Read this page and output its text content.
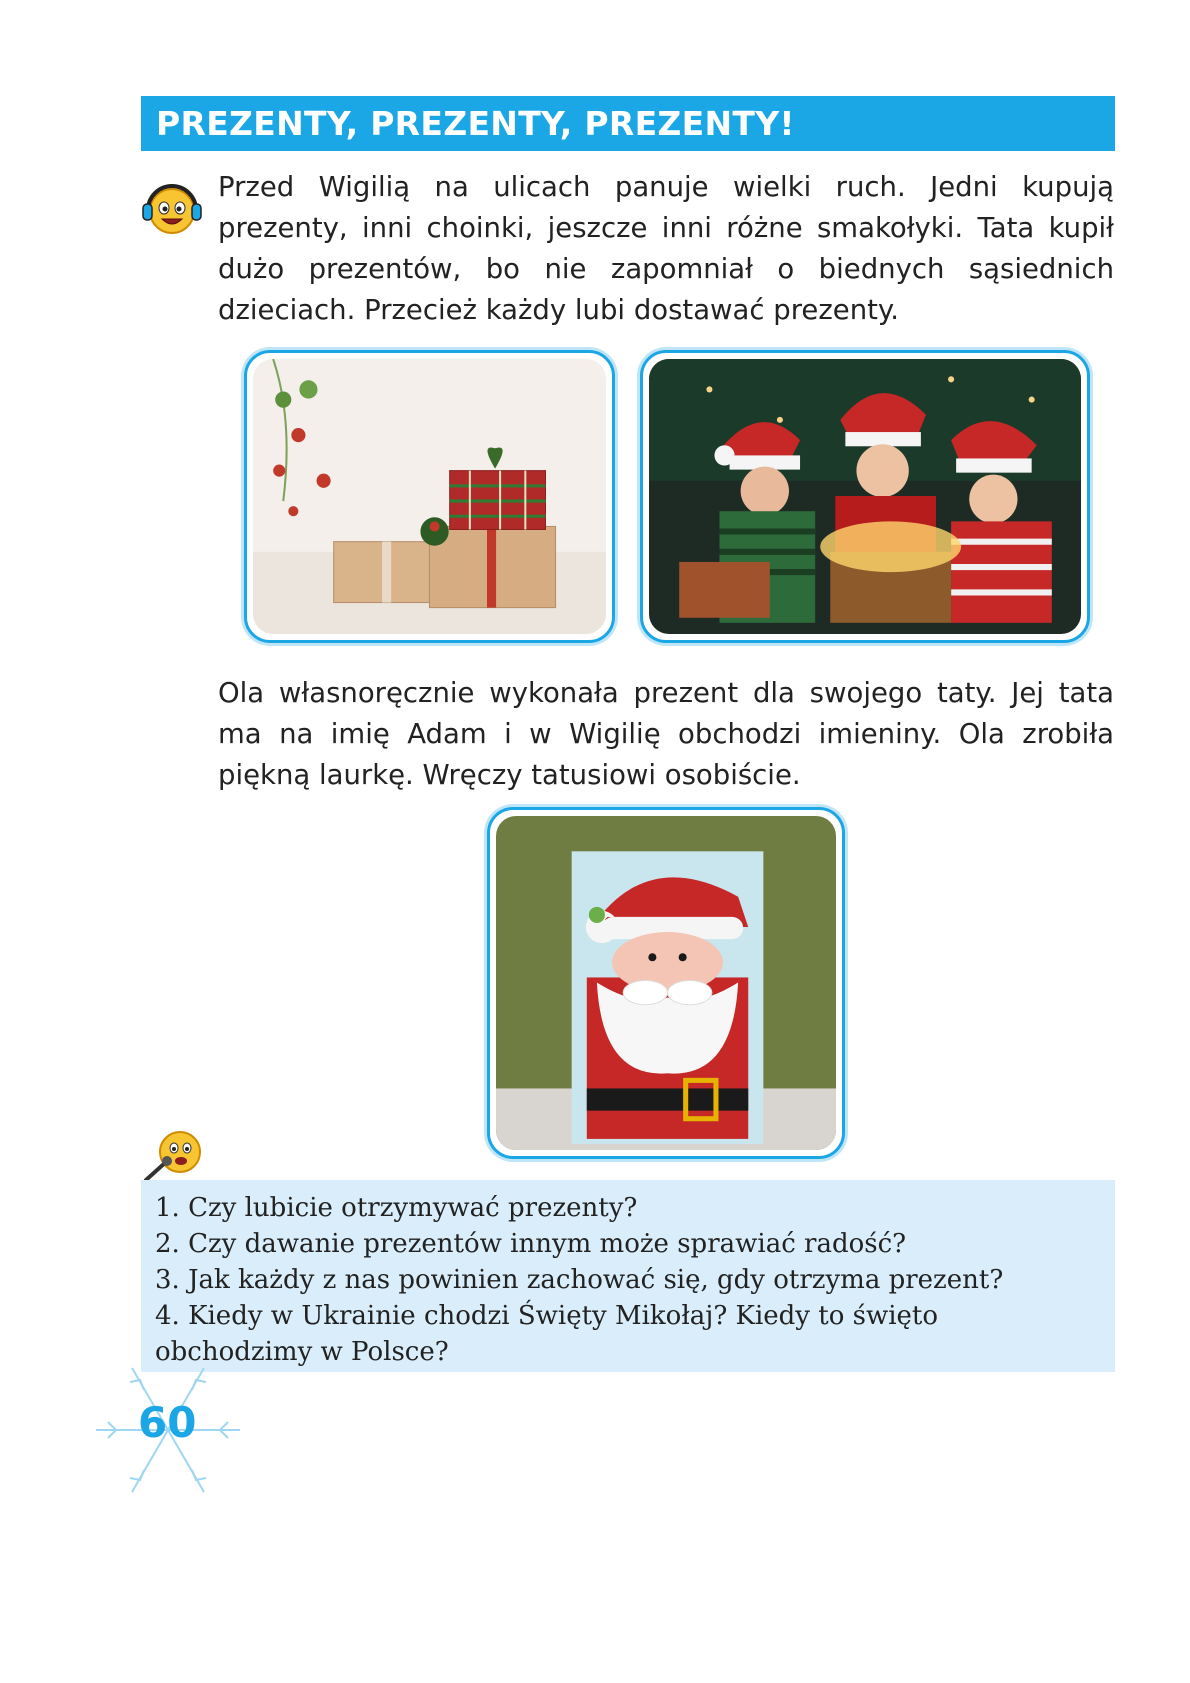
PREZENTY, PREZENTY, PREZENTY!

Przed Wigilią na ulicach panuje wielki ruch. Jedni kupują prezenty, inni choinki, jeszcze inni różne smakołyki. Tata kupił dużo prezentów, bo nie zapomniał o biednych sąsiednich dzieciach. Przecież każdy lubi dostawać prezenty.

Ola własnoręcznie wykonała prezent dla swojego taty. Jej tata ma na imię Adam i w Wigilię obchodzi imieniny. Ola zrobiła piękną laurkę. Wręczy tatusiowi osobiście.

1. Czy lubicie otrzymywać prezenty?
2. Czy dawanie prezentów innym może sprawiać radość?
3. Jak każdy z nas powinien zachować się, gdy otrzyma prezent?
4. Kiedy w Ukrainie chodzi Święty Mikołaj? Kiedy to święto obchodzimy w Polsce?
60
